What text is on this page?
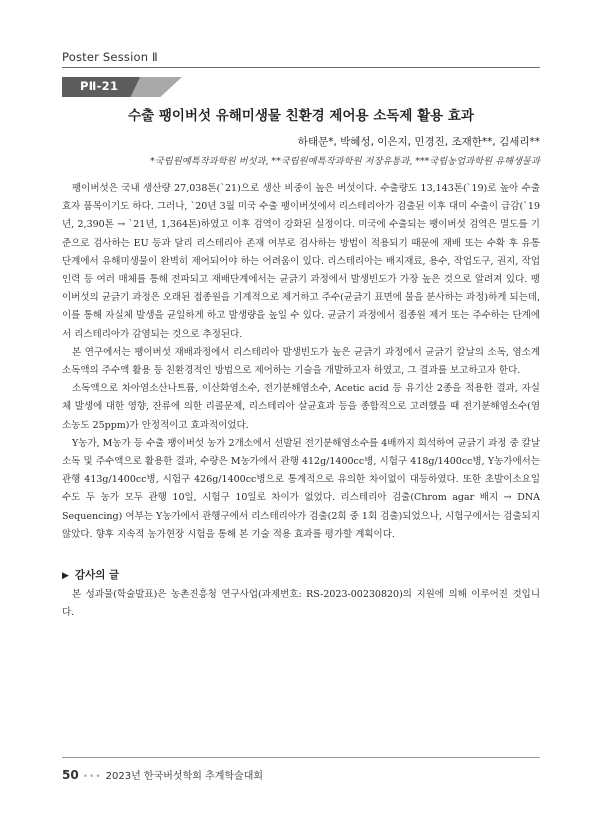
Poster Session Ⅱ
PⅡ-21
수출 팽이버섯 유해미생물 친환경 제어용 소독제 활용 효과
하태문*, 박혜성, 이은지, 민경진, 조재한**, 김세리**
*국립원예특작과학원 버섯과, **국립원예특작과학원 저장유통과, ***국립농업과학원 유해생물과

팽이버섯은 국내 생산량 27,038톤(`21)으로 생산 비중이 높은 버섯이다. 수출량도 13,143톤(`19)로 높아 수출 효자 품목이기도 하다. 그러나, `20년 3월 미국 수출 팽이버섯에서 리스테리아가 검출된 이후 대미 수출이 급감(`19년, 2,390톤 → `21년, 1,364톤)하였고 이후 검역이 강화된 실정이다. 미국에 수출되는 팽이버섯 검역은 멸도를 기준으로 검사하는 EU 등과 달리 리스테리아 존재 여부로 검사하는 방법이 적용되기 때문에 재배 또는 수확 후 유통 단계에서 유해미생물이 완벽히 제어되어야 하는 어려움이 있다. 리스테리아는 배지재료, 용수, 작업도구, 권지, 작업인력 등 여러 매체를 통해 전파되고 재배단계에서는 균긁기 과정에서 발생빈도가 가장 높은 것으로 알려져 있다. 팽이버섯의 균긁기 과정은 오래된 접종원을 기계적으로 제거하고 주수(균긁기 표면에 물을 분사하는 과정)하게 되는데, 이를 통해 자실체 발생을 균일하게 하고 발생량을 높일 수 있다. 균긁기 과정에서 접종원 제거 또는 주수하는 단계에서 리스테리아가 감염되는 것으로 추정된다.

본 연구에서는 팽이버섯 재배과정에서 리스테리아 발생빈도가 높은 균긁기 과정에서 균긁기 칼날의 소독, 염소계 소독액의 주수액 활용 등 친환경적인 방법으로 제어하는 기술을 개발하고자 하였고, 그 결과를 보고하고자 한다.

소독액으로 차아염소산나트륨, 이산화염소수, 전기분해염소수, Acetic acid 등 유기산 2종을 적용한 결과, 자실체 발생에 대한 영향, 잔류에 의한 리콜문제, 리스테리아 살균효과 등을 종합적으로 고려했을 때 전기분해염소수(염소농도 25ppm)가 안정적이고 효과적이었다.

Y농가, M농가 등 수출 팽이버섯 농가 2개소에서 선발된 전기분해염소수를 4배까지 희석하여 균긁기 과정 중 칼날 소독 및 주수액으로 활용한 결과, 수량은 M농가에서 관행 412g/1400cc병, 시험구 418g/1400cc병, Y농가에서는 관행 413g/1400cc병, 시험구 426g/1400cc병으로 통계적으로 유의한 차이없이 대등하였다. 또한 초발이소요일수도 두 농가 모두 관행 10일, 시험구 10일로 차이가 없었다. 리스테리아 검출(Chrom agar 배지 → DNA Sequencing) 여부는 Y농가에서 관행구에서 리스테리아가 검출(2회 중 1회 검출)되었으나, 시험구에서는 검출되지 않았다. 향후 지속적 농가현장 시험을 통해 본 기술 적용 효과를 평가할 계획이다.

▶ 감사의 글

본 성과물(학술발표)은 농촌진흥청 연구사업(과제번호: RS-2023-00230820)의 지원에 의해 이루어진 것입니다.

50 ••• 2023년 한국버섯학회 추계학술대회
